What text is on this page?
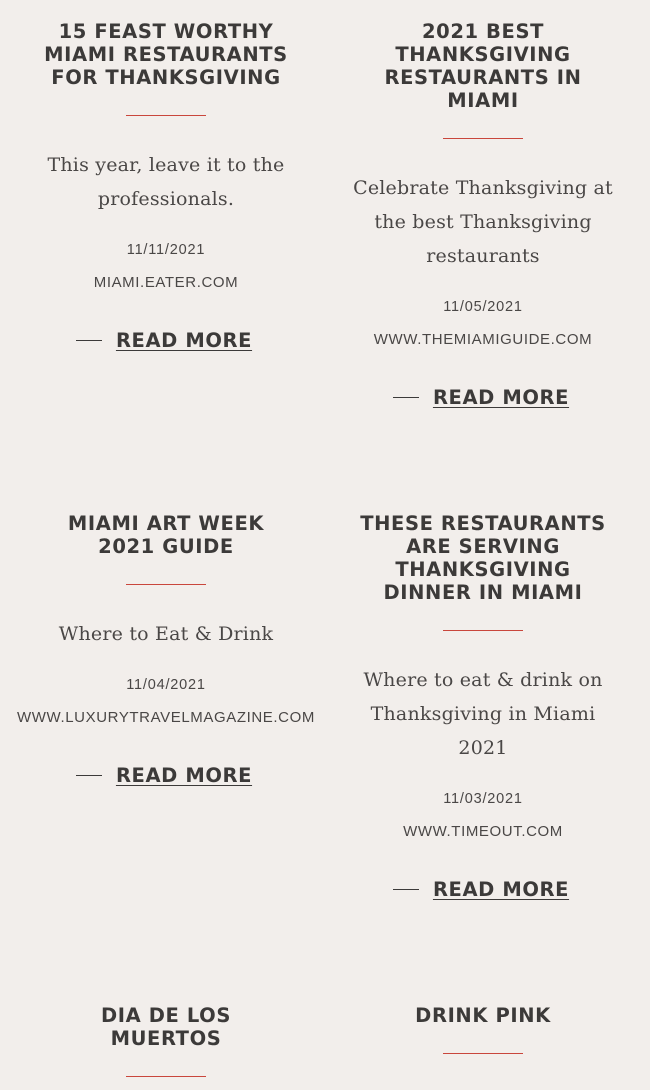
15 FEAST WORTHY MIAMI RESTAURANTS FOR THANKSGIVING

This year, leave it to the professionals.

11/11/2021
MIAMI.EATER.COM
READ MORE
2021 BEST THANKSGIVING RESTAURANTS IN MIAMI

Celebrate Thanksgiving at the best Thanksgiving restaurants

11/05/2021
WWW.THEMIAMIGUIDE.COM
READ MORE
MIAMI ART WEEK 2021 GUIDE

Where to Eat & Drink

11/04/2021
WWW.LUXURYTRAVELMAGAZINE.COM
READ MORE
THESE RESTAURANTS ARE SERVING THANKSGIVING DINNER IN MIAMI

Where to eat & drink on Thanksgiving in Miami 2021

11/03/2021
WWW.TIMEOUT.COM
READ MORE
DIA DE LOS MUERTOS
DRINK PINK
